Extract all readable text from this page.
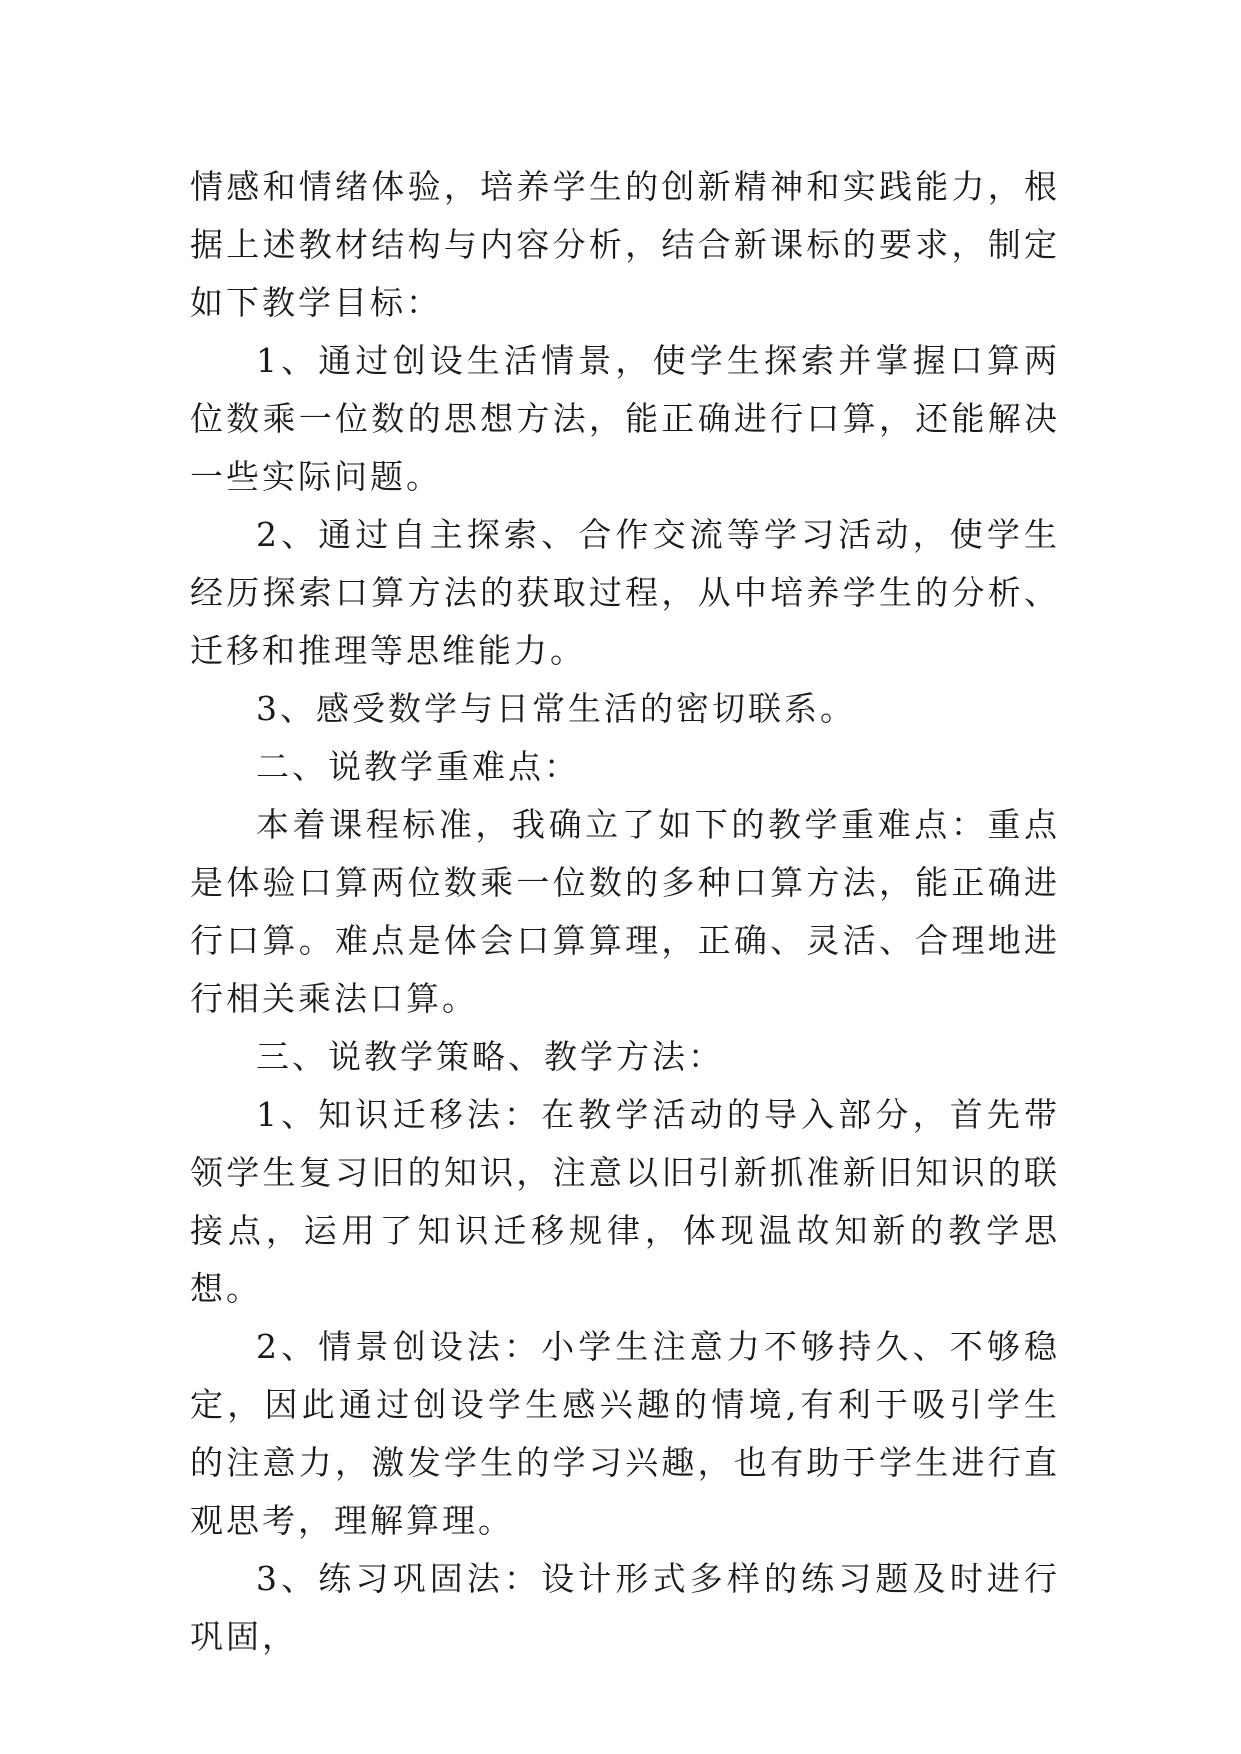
情感和情绪体验，培养学生的创新精神和实践能力，根据上述教材结构与内容分析，结合新课标的要求，制定如下教学目标：

1、通过创设生活情景，使学生探索并掌握口算两位数乘一位数的思想方法，能正确进行口算，还能解决一些实际问题。

2、通过自主探索、合作交流等学习活动，使学生经历探索口算方法的获取过程，从中培养学生的分析、迁移和推理等思维能力。

3、感受数学与日常生活的密切联系。

二、说教学重难点：

本着课程标准，我确立了如下的教学重难点：重点是体验口算两位数乘一位数的多种口算方法，能正确进行口算。难点是体会口算算理，正确、灵活、合理地进行相关乘法口算。

三、说教学策略、教学方法：

1、知识迁移法：在教学活动的导入部分，首先带领学生复习旧的知识，注意以旧引新抓准新旧知识的联接点，运用了知识迁移规律，体现温故知新的教学思想。

2、情景创设法：小学生注意力不够持久、不够稳定，因此通过创设学生感兴趣的情境,有利于吸引学生的注意力，激发学生的学习兴趣，也有助于学生进行直观思考，理解算理。

3、练习巩固法：设计形式多样的练习题及时进行巩固，
